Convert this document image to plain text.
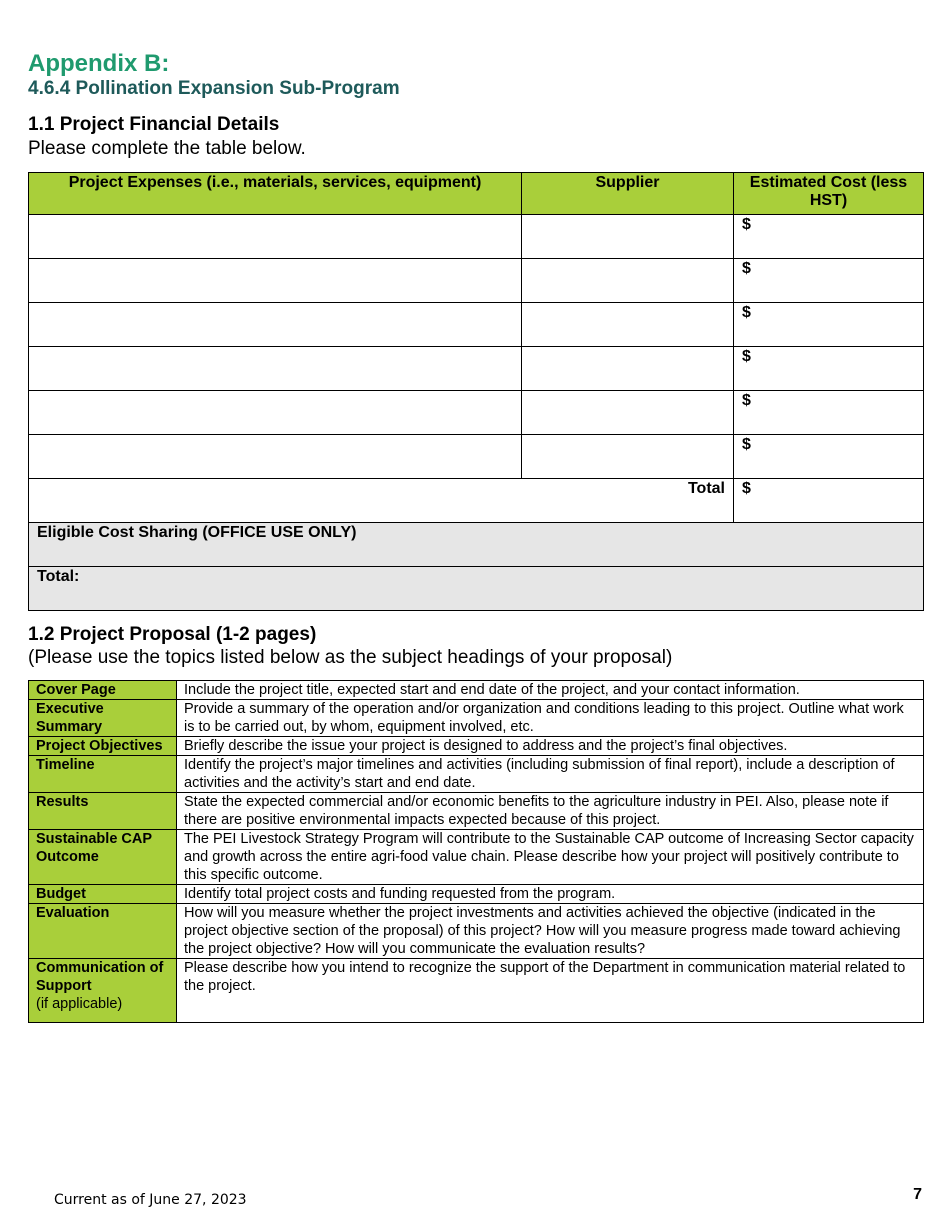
Appendix B:
4.6.4 Pollination Expansion Sub-Program
1.1 Project Financial Details
Please complete the table below.
Project Expenses (i.e., materials, services, equipment)	Supplier	Estimated Cost (less HST)
		$
		$
		$
		$
		$
		$
Total		$
Eligible Cost Sharing (OFFICE USE ONLY)		
Total:		
1.2 Project Proposal (1-2 pages)
(Please use the topics listed below as the subject headings of your proposal)
Cover Page	Include the project title, expected start and end date of the project, and your contact information.
Executive Summary	Provide a summary of the operation and/or organization and conditions leading to this project. Outline what work is to be carried out, by whom, equipment involved, etc.
Project Objectives	Briefly describe the issue your project is designed to address and the project’s final objectives.
Timeline	Identify the project’s major timelines and activities (including submission of final report), include a description of activities and the activity’s start and end date.
Results	State the expected commercial and/or economic benefits to the agriculture industry in PEI. Also, please note if there are positive environmental impacts expected because of this project.
Sustainable CAP Outcome	The PEI Livestock Strategy Program will contribute to the Sustainable CAP outcome of Increasing Sector capacity and growth across the entire agri-food value chain. Please describe how your project will positively contribute to this specific outcome.
Budget	Identify total project costs and funding requested from the program.
Evaluation	How will you measure whether the project investments and activities achieved the objective (indicated in the project objective section of the proposal) of this project? How will you measure progress made toward achieving the project objective? How will you communicate the evaluation results?
Communication of Support
(if applicable)	Please describe how you intend to recognize the support of the Department in communication material related to the project.
Current as of June 27, 2023	7
